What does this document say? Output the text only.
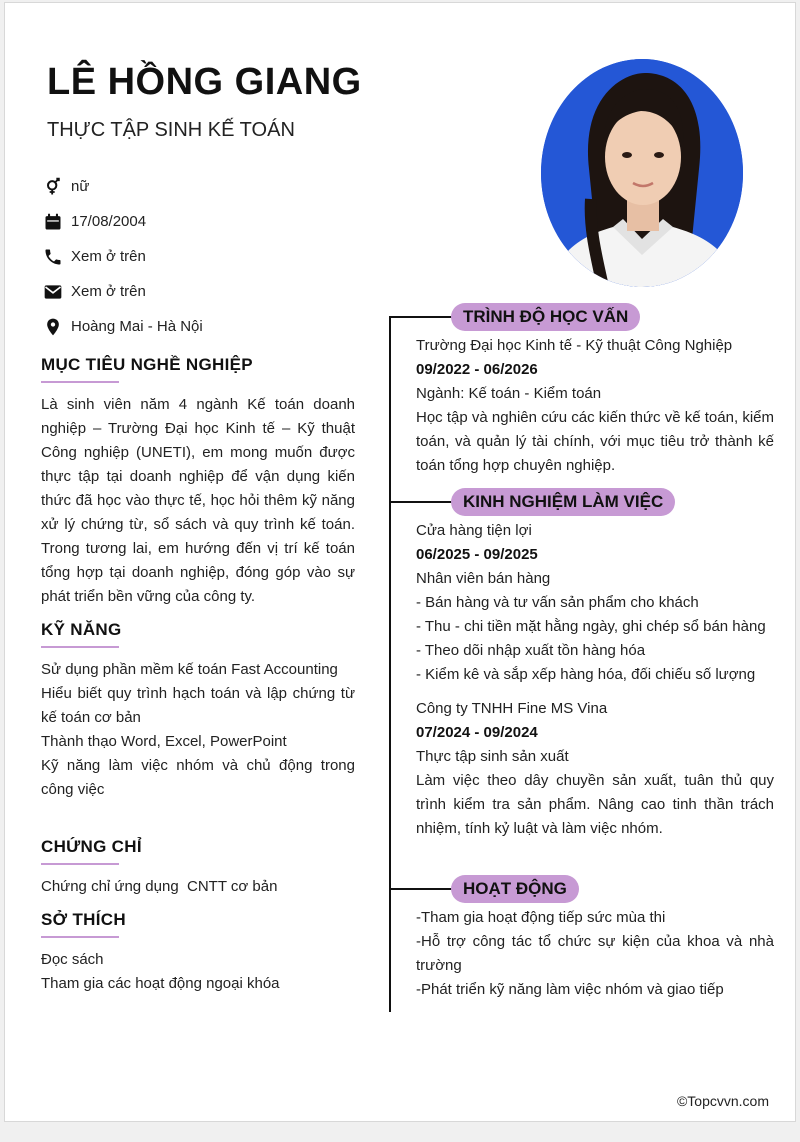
LÊ HỒNG GIANG
THỰC TẬP SINH KẾ TOÁN
nữ
17/08/2004
Xem ở trên
Xem ở trên
Hoàng Mai - Hà Nội
MỤC TIÊU NGHỀ NGHIỆP
Là sinh viên năm 4 ngành Kế toán doanh nghiệp – Trường Đại học Kinh tế – Kỹ thuật Công nghiệp (UNETI), em mong muốn được thực tập tại doanh nghiệp để vận dụng kiến thức đã học vào thực tế, học hỏi thêm kỹ năng xử lý chứng từ, sổ sách và quy trình kế toán. Trong tương lai, em hướng đến vị trí kế toán tổng hợp tại doanh nghiệp, đóng góp vào sự phát triển bền vững của công ty.
KỸ NĂNG
Sử dụng phần mềm kế toán Fast Accounting
Hiểu biết quy trình hạch toán và lập chứng từ kế toán cơ bản
Thành thạo Word, Excel, PowerPoint
Kỹ năng làm việc nhóm và chủ động trong công việc
CHỨNG CHỈ
Chứng chỉ ứng dụng  CNTT cơ bản
SỞ THÍCH
Đọc sách
Tham gia các hoạt động ngoại khóa
TRÌNH ĐỘ HỌC VẤN
Trường Đại học Kinh tế - Kỹ thuật Công Nghiệp
09/2022 - 06/2026
Ngành: Kế toán - Kiểm toán
Học tập và nghiên cứu các kiến thức về kế toán, kiểm toán, và quản lý tài chính, với mục tiêu trở thành kế toán tổng hợp chuyên nghiệp.
KINH NGHIỆM LÀM VIỆC
Cửa hàng tiện lợi
06/2025 - 09/2025
Nhân viên bán hàng
- Bán hàng và tư vấn sản phẩm cho khách
- Thu - chi tiền mặt hằng ngày, ghi chép sổ bán hàng
- Theo dõi nhập xuất tồn hàng hóa
- Kiểm kê và sắp xếp hàng hóa, đối chiếu số lượng
Công ty TNHH Fine MS Vina
07/2024 - 09/2024
Thực tập sinh sản xuất
Làm việc theo dây chuyền sản xuất, tuân thủ quy trình kiểm tra sản phẩm. Nâng cao tinh thần trách nhiệm, tính kỷ luật và làm việc nhóm.
HOẠT ĐỘNG
-Tham gia hoạt động tiếp sức mùa thi
-Hỗ trợ công tác tổ chức sự kiện của khoa và nhà trường
-Phát triển kỹ năng làm việc nhóm và giao tiếp
©Topcvvn.com
